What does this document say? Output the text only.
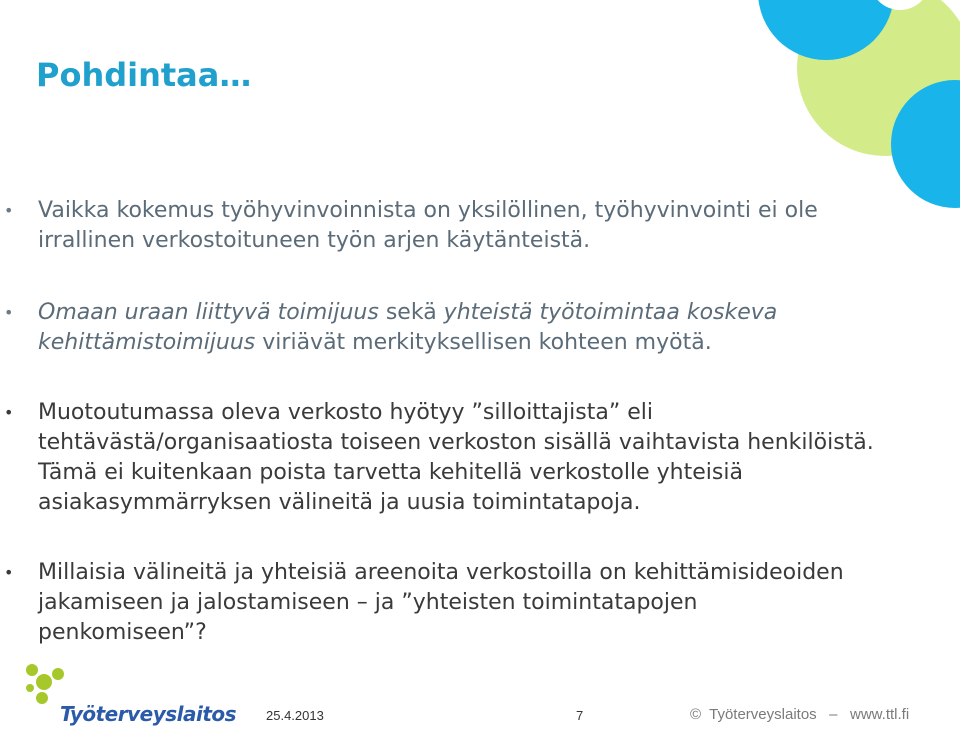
Pohdintaa…
• Vaikka kokemus työhyvinvoinnista on yksilöllinen, työhyvinvointi ei ole irrallinen verkostoituneen työn arjen käytänteistä.
• Omaan uraan liittyvä toimijuus sekä yhteistä työtoimintaa koskeva kehittämistoimijuus viriävät merkityksellisen kohteen myötä.
• Muotoutumassa oleva verkosto hyötyy ”silloittajista” eli tehtävästä/organisaatiosta toiseen verkoston sisällä vaihtavista henkilöistä. Tämä ei kuitenkaan poista tarvetta kehitellä verkostolle yhteisiä asiakasymmärryksen välineitä ja uusia toimintatapoja.
• Millaisia välineitä ja yhteisiä areenoita verkostoilla on kehittämisideoiden jakamiseen ja jalostamiseen – ja ”yhteisten toimintatapojen penkomiseen”?
Työterveyslaitos 25.4.2013	7	©  Työterveyslaitos   –   www.ttl.fi
